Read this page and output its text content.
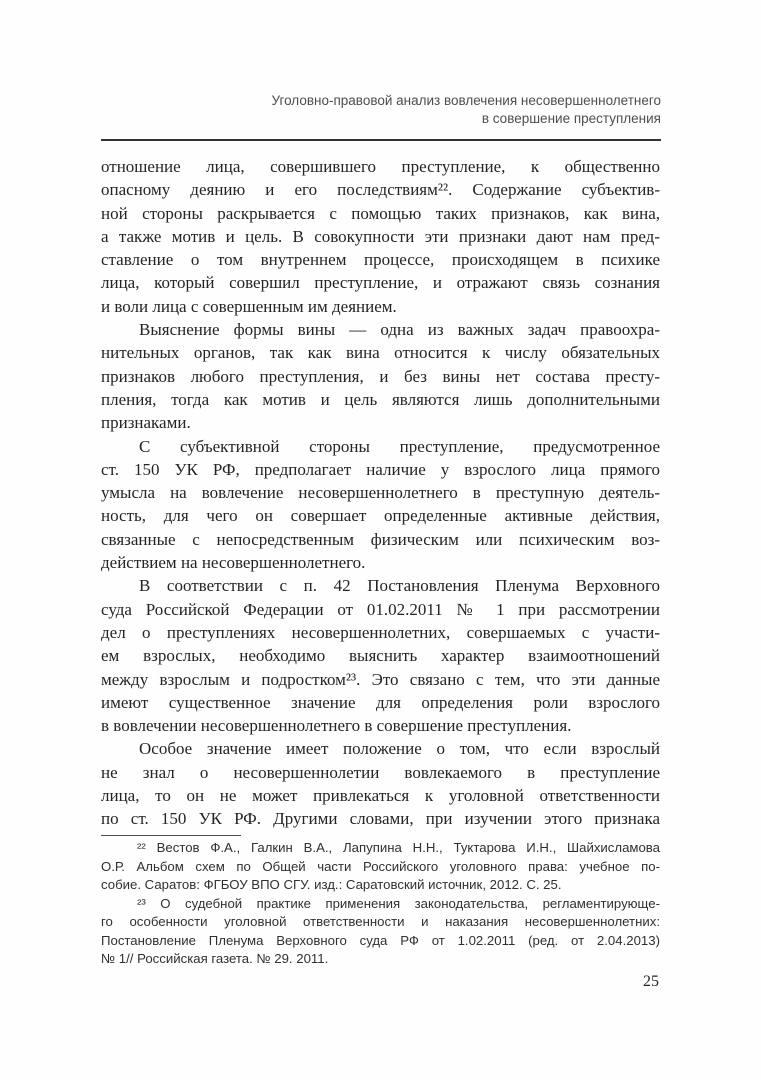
Уголовно-правовой анализ вовлечения несовершеннолетнего
в совершение преступления
отношение лица, совершившего преступление, к общественно
опасному деянию и его последствиям²². Содержание субъектив-
ной стороны раскрывается с помощью таких признаков, как вина,
а также мотив и цель. В совокупности эти признаки дают нам пред-
ставление о том внутреннем процессе, происходящем в психике
лица, который совершил преступление, и отражают связь сознания
и воли лица с совершенным им деянием.
Выяснение формы вины — одна из важных задач правоохра-
нительных органов, так как вина относится к числу обязательных
признаков любого преступления, и без вины нет состава престу-
пления, тогда как мотив и цель являются лишь дополнительными
признаками.
С субъективной стороны преступление, предусмотренное
ст. 150 УК РФ, предполагает наличие у взрослого лица прямого
умысла на вовлечение несовершеннолетнего в преступную деятель-
ность, для чего он совершает определенные активные действия,
связанные с непосредственным физическим или психическим воз-
действием на несовершеннолетнего.
В соответствии с п. 42 Постановления Пленума Верховного
суда Российской Федерации от 01.02.2011 № 1 при рассмотрении
дел о преступлениях несовершеннолетних, совершаемых с участи-
ем взрослых, необходимо выяснить характер взаимоотношений
между взрослым и подростком²³. Это связано с тем, что эти данные
имеют существенное значение для определения роли взрослого
в вовлечении несовершеннолетнего в совершение преступления.
Особое значение имеет положение о том, что если взрослый
не знал о несовершеннолетии вовлекаемого в преступление
лица, то он не может привлекаться к уголовной ответственности
по ст. 150 УК РФ. Другими словами, при изучении этого признака
²² Вестов Ф.А., Галкин В.А., Лапупина Н.Н., Туктарова И.Н., Шайхисламова
О.Р. Альбом схем по Общей части Российского уголовного права: учебное по-
собие. Саратов: ФГБОУ ВПО СГУ. изд.: Саратовский источник, 2012. С. 25.
²³ О судебной практике применения законодательства, регламентирующе-
го особенности уголовной ответственности и наказания несовершеннолетних:
Постановление Пленума Верховного суда РФ от 1.02.2011 (ред. от 2.04.2013)
№ 1// Российская газета. № 29. 2011.
25
